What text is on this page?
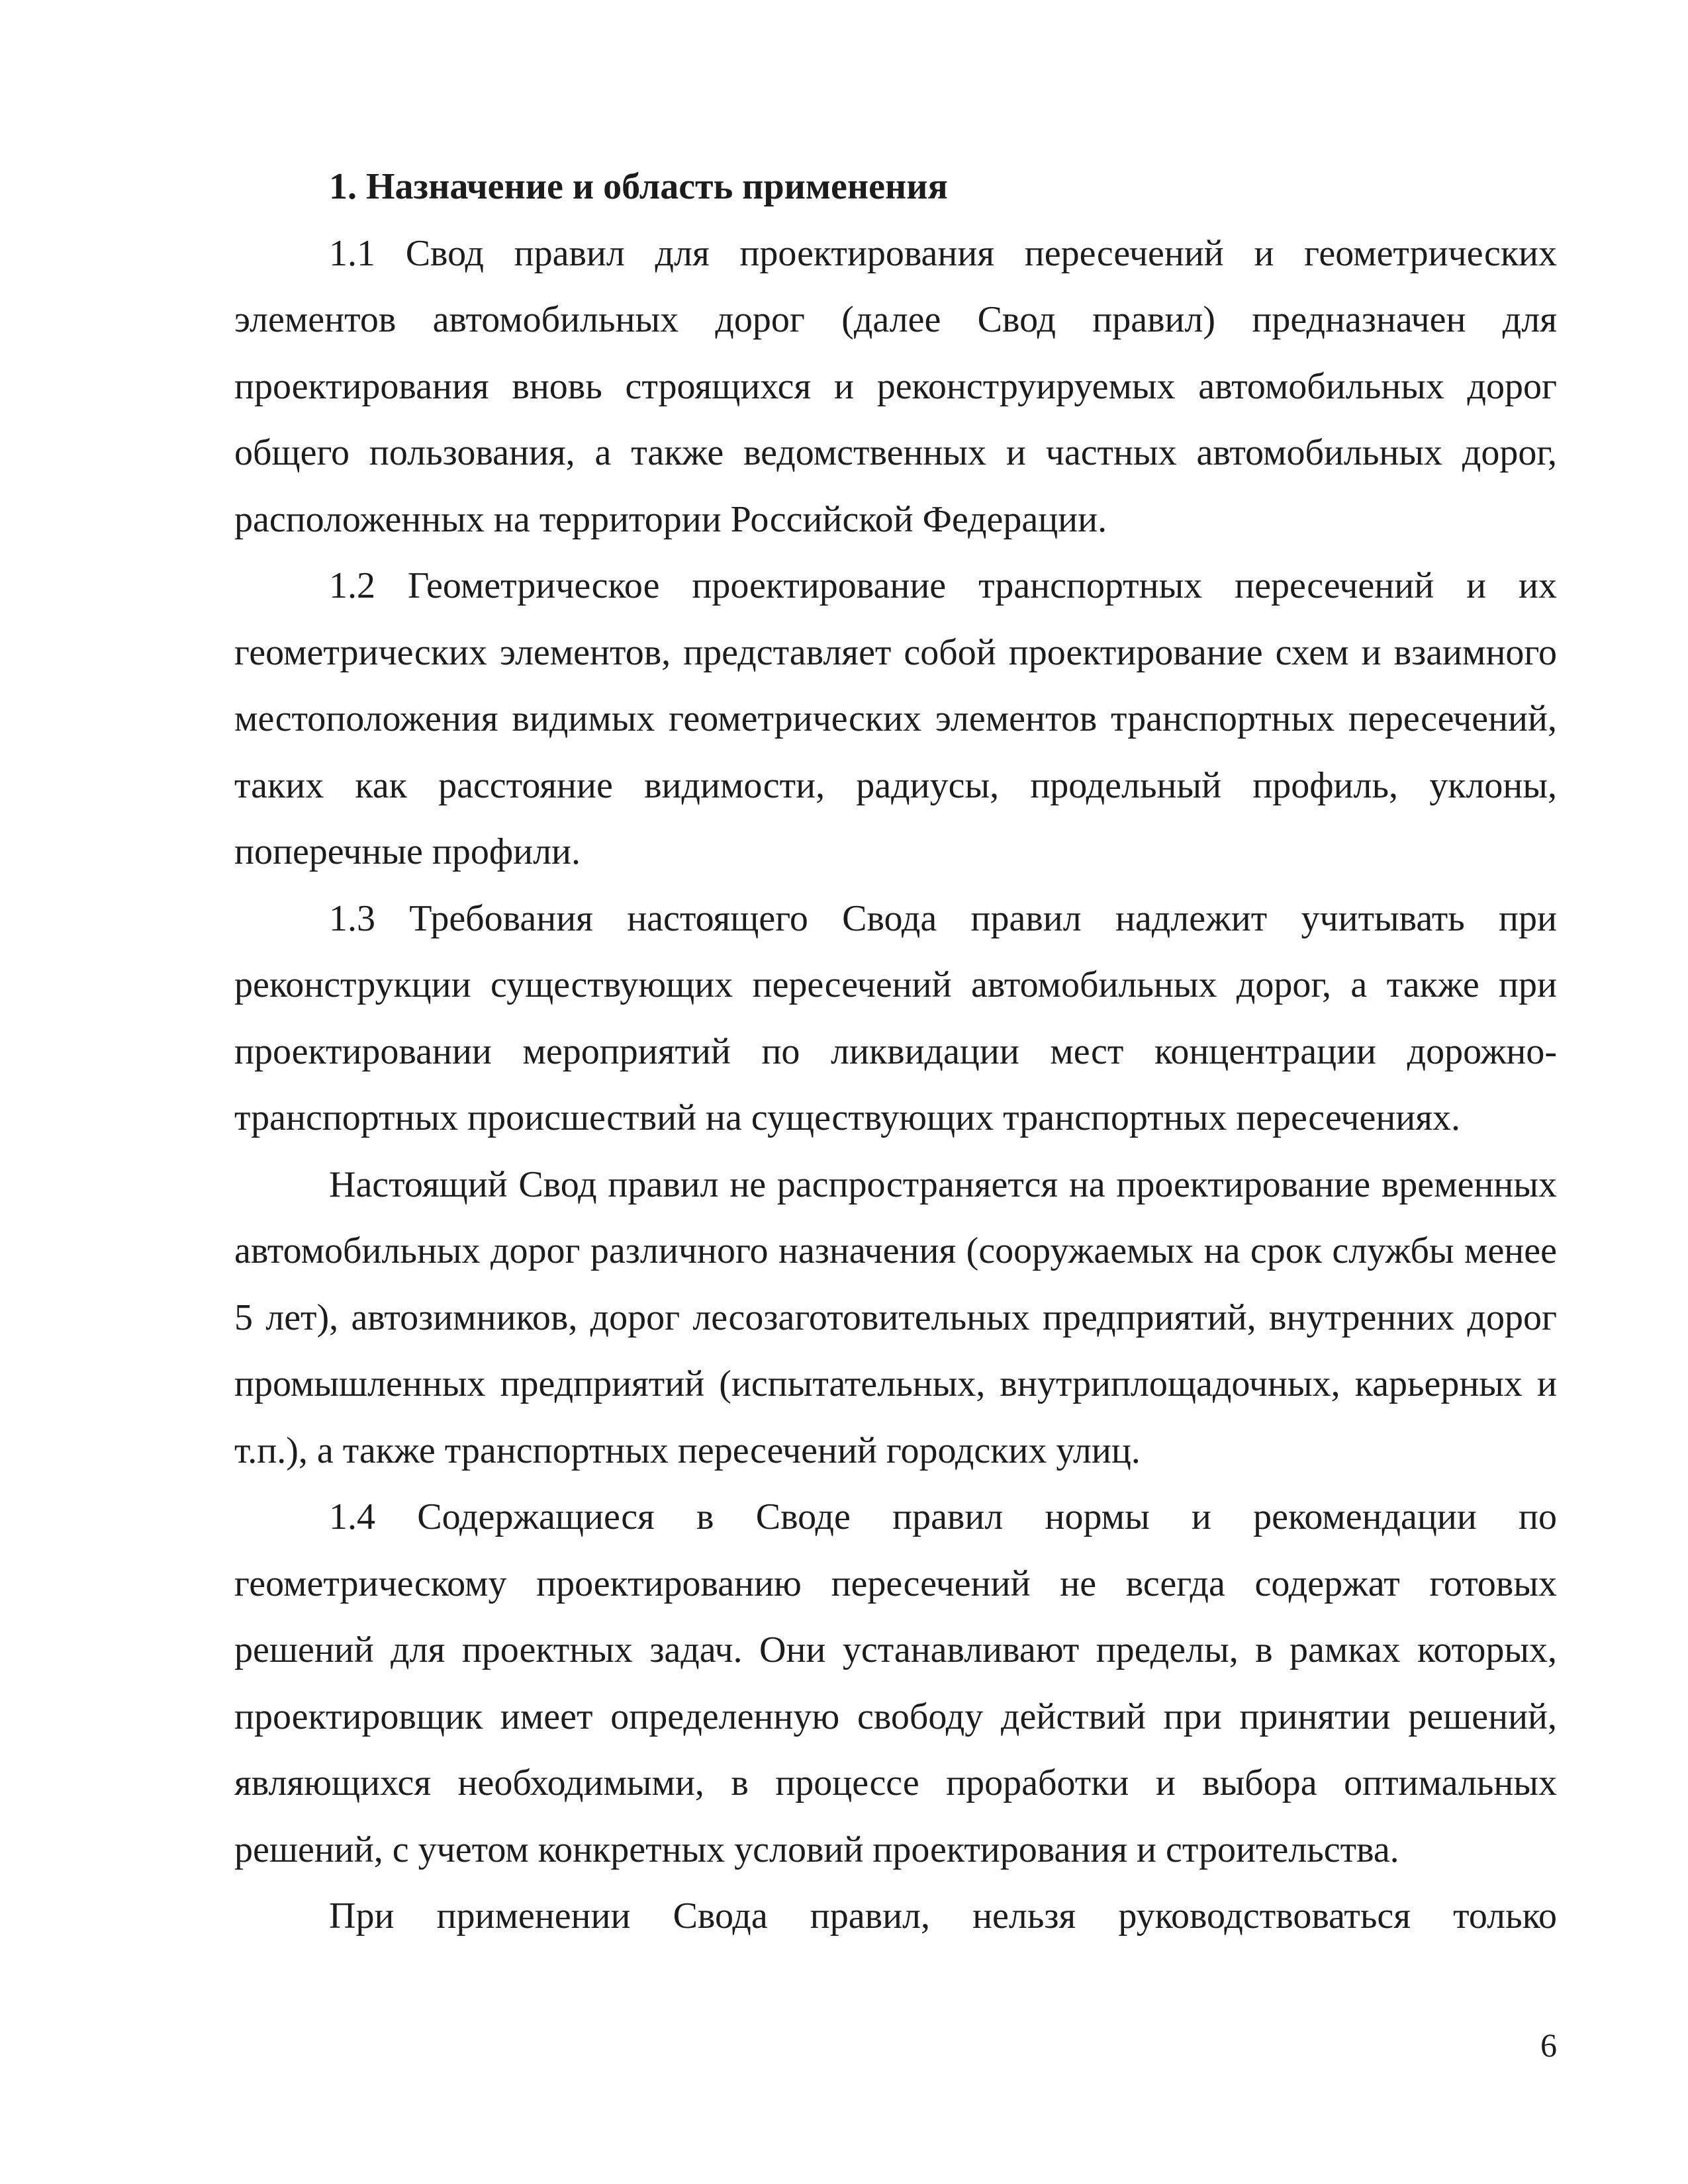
1. Назначение и область применения

1.1 Свод правил для проектирования пересечений и геометрических элементов автомобильных дорог (далее Свод правил) предназначен для проектирования вновь строящихся и реконструируемых автомобильных дорог общего пользования, а также ведомственных и частных автомобильных дорог, расположенных на территории Российской Федерации.

1.2 Геометрическое проектирование транспортных пересечений и их геометрических элементов, представляет собой проектирование схем и взаимного местоположения видимых геометрических элементов транспортных пересечений, таких как расстояние видимости, радиусы, продельный профиль, уклоны, поперечные профили.

1.3 Требования настоящего Свода правил надлежит учитывать при реконструкции существующих пересечений автомобильных дорог, а также при проектировании мероприятий по ликвидации мест концентрации дорожно-транспортных происшествий на существующих транспортных пересечениях.

Настоящий Свод правил не распространяется на проектирование временных автомобильных дорог различного назначения (сооружаемых на срок службы менее 5 лет), автозимников, дорог лесозаготовительных предприятий, внутренних дорог промышленных предприятий (испытательных, внутриплощадочных, карьерных и т.п.), а также транспортных пересечений городских улиц.

1.4 Содержащиеся в Своде правил нормы и рекомендации по геометрическому проектированию пересечений не всегда содержат готовых решений для проектных задач. Они устанавливают пределы, в рамках которых, проектировщик имеет определенную свободу действий при принятии решений, являющихся необходимыми, в процессе проработки и выбора оптимальных решений, с учетом конкретных условий проектирования и строительства.

При применении Свода правил, нельзя руководствоваться только

6
